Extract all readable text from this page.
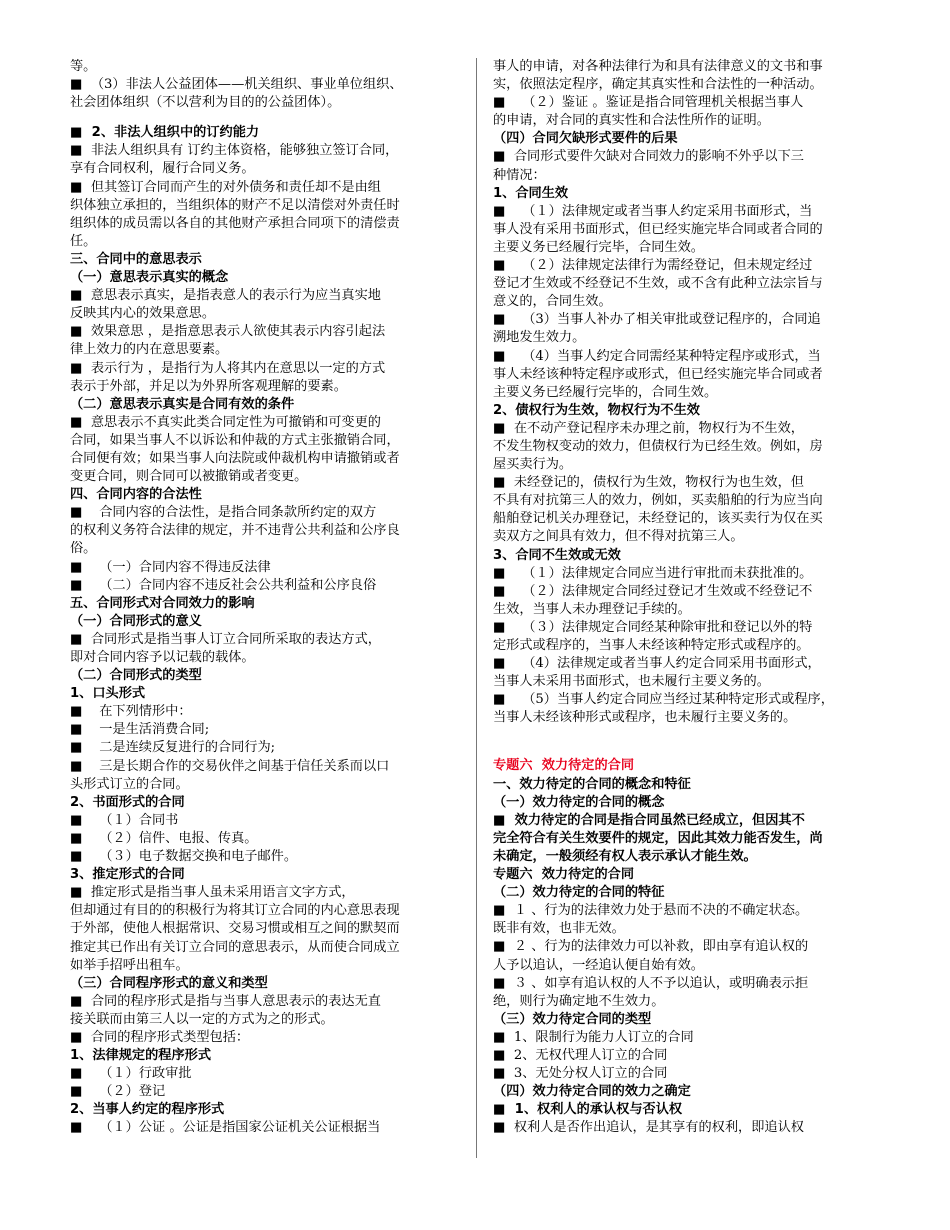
等。
■  （3）非法人公益团体——机关组织、事业单位组织、
社会团体组织（不以营利为目的的公益团体）。
■  2、非法人组织中的订约能力
■  非法人组织具有 订约主体资格，能够独立签订合同，
享有合同权利，履行合同义务。
■  但其签订合同而产生的对外债务和责任却不是由组
织体独立承担的，当组织体的财产不足以清偿对外责任时
组织体的成员需以各自的其他财产承担合同项下的清偿责
任。
三、合同中的意思表示
（一）意思表示真实的概念
■  意思表示真实，是指表意人的表示行为应当真实地
反映其内心的效果意思。
■  效果意思 ，是指意思表示人欲使其表示内容引起法
律上效力的内在意思要素。
■  表示行为 ，是指行为人将其内在意思以一定的方式
表示于外部，并足以为外界所客观理解的要素。
（二）意思表示真实是合同有效的条件
■  意思表示不真实此类合同定性为可撤销和可变更的
合同，如果当事人不以诉讼和仲裁的方式主张撤销合同，
合同便有效；如果当事人向法院或仲裁机构申请撤销或者
变更合同，则合同可以被撤销或者变更。
四、合同内容的合法性
■    合同内容的合法性，是指合同条款所约定的双方
的权利义务符合法律的规定，并不违背公共利益和公序良
俗。
■    （一）合同内容不得违反法律
■    （二）合同内容不违反社会公共利益和公序良俗
五、合同形式对合同效力的影响
（一）合同形式的意义
■  合同形式是指当事人订立合同所采取的表达方式，
即对合同内容予以记载的载体。
（二）合同形式的类型
1、口头形式
■    在下列情形中：
■    一是生活消费合同;
■    二是连续反复进行的合同行为;
■    三是长期合作的交易伙伴之间基于信任关系而以口
头形式订立的合同。
2、书面形式的合同
■    （１）合同书
■    （２）信件、电报、传真。
■    （３）电子数据交换和电子邮件。
3、推定形式的合同
■  推定形式是指当事人虽未采用语言文字方式，
但却通过有目的的积极行为将其订立合同的内心意思表现
于外部，使他人根据常识、交易习惯或相互之间的默契而
推定其已作出有关订立合同的意思表示，从而使合同成立
如举手招呼出租车。
（三）合同程序形式的意义和类型
■  合同的程序形式是指与当事人意思表示的表达无直
接关联而由第三人以一定的方式为之的形式。
■  合同的程序形式类型包括：
1、法律规定的程序形式
■    （１）行政审批
■    （２）登记
2、当事人约定的程序形式
■    （１）公证 。公证是指国家公证机关公证根据当
事人的申请，对各种法律行为和具有法律意义的文书和事
实，依照法定程序，确定其真实性和合法性的一种活动。
■    （２）鉴证 。鉴证是指合同管理机关根据当事人
的申请，对合同的真实性和合法性所作的证明。
（四）合同欠缺形式要件的后果
■  合同形式要件欠缺对合同效力的影响不外乎以下三
种情况：
1、合同生效
■    （１）法律规定或者当事人约定采用书面形式，当
事人没有采用书面形式，但已经实施完毕合同或者合同的
主要义务已经履行完毕，合同生效。
■    （２）法律规定法律行为需经登记，但未规定经过
登记才生效或不经登记不生效，或不含有此种立法宗旨与
意义的，合同生效。
■    （3）当事人补办了相关审批或登记程序的，合同追
溯地发生效力。
■    （4）当事人约定合同需经某种特定程序或形式，当
事人未经该种特定程序或形式，但已经实施完毕合同或者
主要义务已经履行完毕的，合同生效。
2、债权行为生效，物权行为不生效
■  在不动产登记程序未办理之前，物权行为不生效，
不发生物权变动的效力，但债权行为已经生效。例如，房
屋买卖行为。
■  未经登记的，债权行为生效，物权行为也生效，但
不具有对抗第三人的效力，例如，买卖船舶的行为应当向
船舶登记机关办理登记，未经登记的，该买卖行为仅在买
卖双方之间具有效力，但不得对抗第三人。
3、合同不生效或无效
■    （１）法律规定合同应当进行审批而未获批准的。
■    （２）法律规定合同经过登记才生效或不经登记不
生效，当事人未办理登记手续的。
■    （３）法律规定合同经某种除审批和登记以外的特
定形式或程序的，当事人未经该种特定形式或程序的。
■    （4）法律规定或者当事人约定合同采用书面形式，
当事人未采用书面形式，也未履行主要义务的。
■    （5）当事人约定合同应当经过某种特定形式或程序，
当事人未经该种形式或程序，也未履行主要义务的。
专题六  效力待定的合同
一、效力待定的合同的概念和特征
（一）效力待定的合同的概念
■  效力待定的合同是指合同虽然已经成立，但因其不
完全符合有关生效要件的规定，因此其效力能否发生，尚
未确定，一般须经有权人表示承认才能生效。
专题六  效力待定的合同
（二）效力待定的合同的特征
■  １ 、行为的法律效力处于悬而不决的不确定状态。
既非有效，也非无效。
■  ２ 、行为的法律效力可以补救，即由享有追认权的
人予以追认，一经追认便自始有效。
■  ３ 、如享有追认权的人不予以追认，或明确表示拒
绝，则行为确定地不生效力。
（三）效力待定合同的类型
■  1、限制行为能力人订立的合同
■  2、无权代理人订立的合同
■  3、无处分权人订立的合同
（四）效力待定合同的效力之确定
■  1、权利人的承认权与否认权
■  权利人是否作出追认，是其享有的权利，即追认权
